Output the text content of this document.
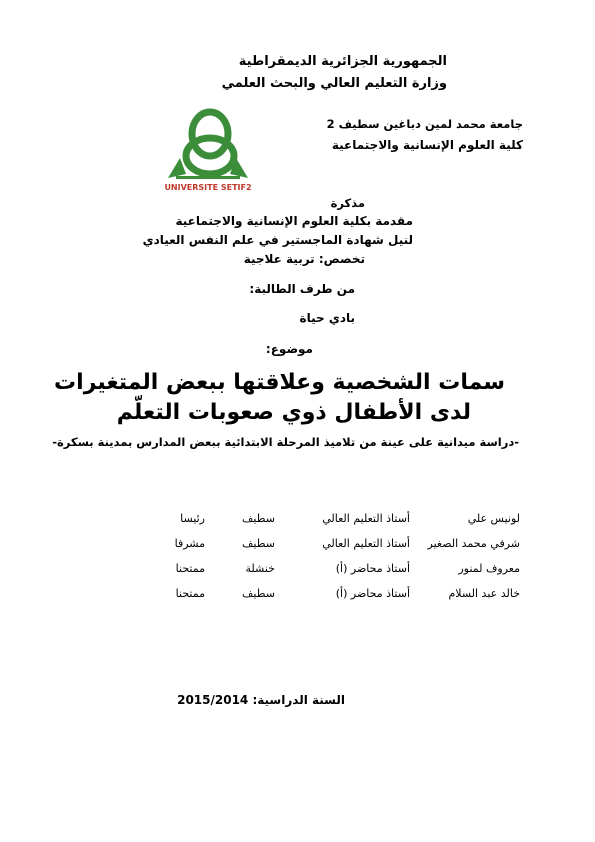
الجمهورية الجزائرية الديمقراطية
وزارة التعليم العالي والبحث العلمي
UNIVERSITE SETIF2
جامعة محمد لمين دباغين سطيف 2
كلية العلوم الإنسانية والاجتماعية
مذكرة
مقدمة بكلية العلوم الإنسانية والاجتماعية
لنيل شهادة الماجستير في علم النفس العيادي
تخصص: تربية علاجية
من طرف الطالبة:
بادي حياة
موضوع:
سمات الشخصية وعلاقتها ببعض المتغيرات
لدى الأطفال ذوي صعوبات التعلّم
-دراسة ميدانية على عينة من تلاميذ المرحلة الابتدائية ببعض المدارس بمدينة بسكرة-
لونيس علي
أستاذ التعليم العالي
سطيف
رئيسا
شرفي محمد الصغير
أستاذ التعليم العالي
سطيف
مشرفا
معروف لمنور
أستاذ محاضر (أ)
خنشلة
ممتحنا
خالد عبد السلام
أستاذ محاضر (أ)
سطيف
ممتحنا
السنة الدراسية: 2015/2014
